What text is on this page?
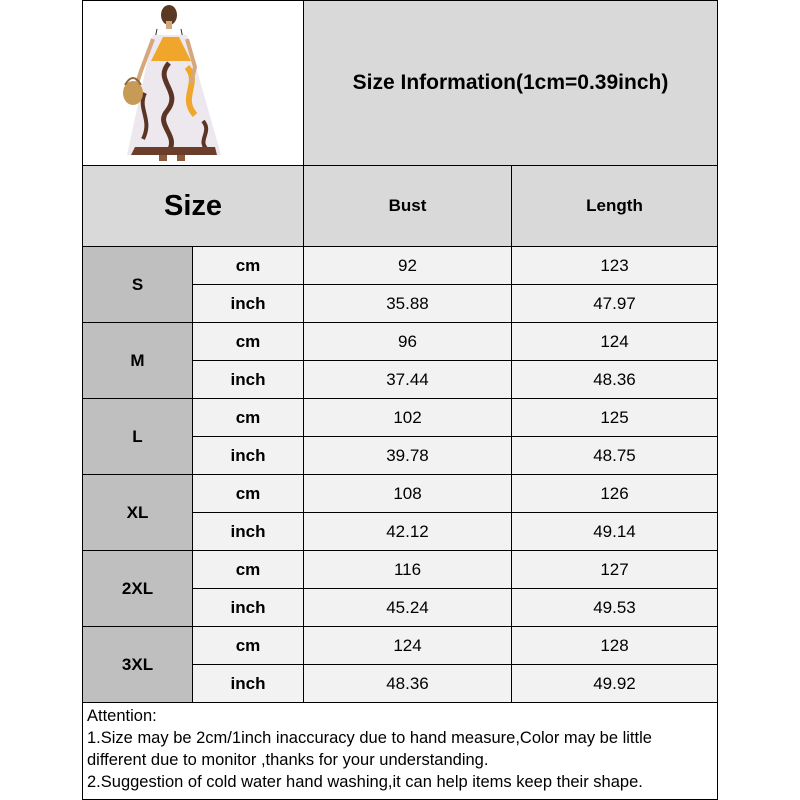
Size Information(1cm=0.39inch)
Size	Bust	Length
S
cm	92	123
inch	35.88	47.97
M
cm	96	124
inch	37.44	48.36
L
cm	102	125
inch	39.78	48.75
XL
cm	108	126
inch	42.12	49.14
2XL
cm	116	127
inch	45.24	49.53
3XL
cm	124	128
inch	48.36	49.92
Attention:
1.Size may be 2cm/1inch inaccuracy due to hand measure,Color may be little
different due to monitor ,thanks for your understanding.
2.Suggestion of cold water hand washing,it can help items keep their shape.
